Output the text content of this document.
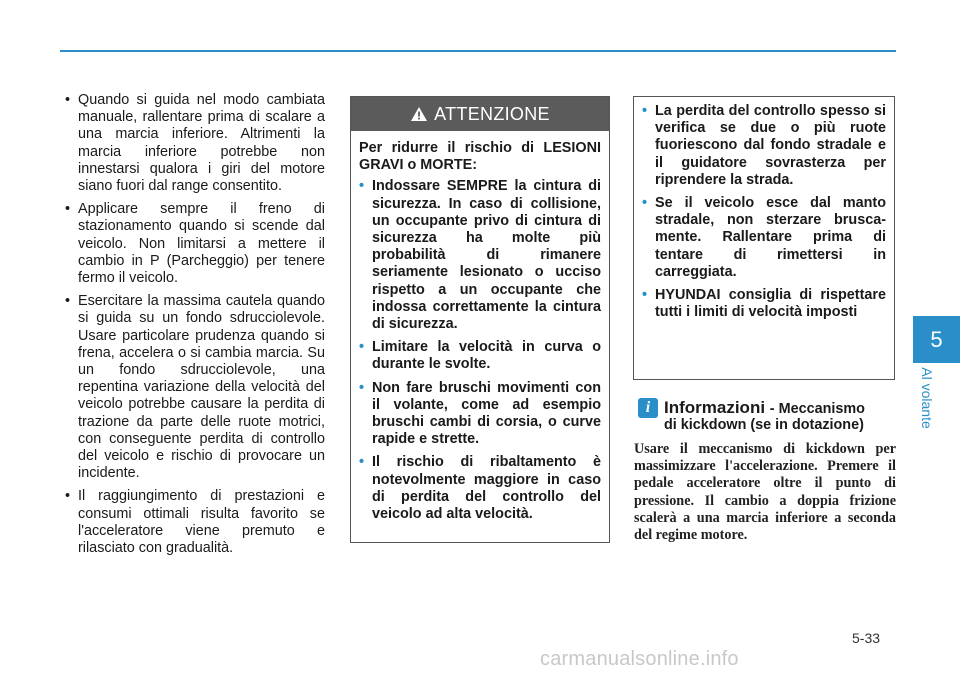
• Quando si guida nel modo cambiata manuale, rallentare prima di scalare a una marcia inferiore. Altrimenti la marcia inferiore potrebbe non innestarsi qualora i giri del motore siano fuori dal range consentito.
• Applicare sempre il freno di stazionamento quando si scende dal veicolo. Non limitarsi a mettere il cambio in P (Parcheggio) per tenere fermo il veicolo.
• Esercitare la massima cautela quando si guida su un fondo sdrucciolevole. Usare particolare prudenza quando si frena, accelera o si cambia marcia. Su un fondo sdrucciolevole, una repentina variazione della velocità del veicolo potrebbe causare la perdita di trazione da parte delle ruote motrici, con conseguente perdita di controllo del veicolo e rischio di provocare un incidente.
• Il raggiungimento di prestazioni e consumi ottimali risulta favorito se l'acceleratore viene premuto e rilasciato con gradualità.
ATTENZIONE
Per ridurre il rischio di LESIONI GRAVI o MORTE:
• Indossare SEMPRE la cintura di sicurezza. In caso di collisione, un occupante privo di cintura di sicurezza ha molte più probabilità di rimanere seriamente lesionato o ucciso rispetto a un occupante che indossa correttamente la cintura di sicurezza.
• Limitare la velocità in curva o durante le svolte.
• Non fare bruschi movimenti con il volante, come ad esempio bruschi cambi di corsia, o curve rapide e strette.
• Il rischio di ribaltamento è notevolmente maggiore in caso di perdita del controllo del veicolo ad alta velocità.
• La perdita del controllo spesso si verifica se due o più ruote fuoriescono dal fondo stradale e il guidatore sovrasterza per riprendere la strada.
• Se il veicolo esce dal manto stradale, non sterzare brusca-mente. Rallentare prima di tentare di rimettersi in carreggiata.
• HYUNDAI consiglia di rispettare tutti i limiti di velocità imposti
i Informazioni - Meccanismo
di kickdown (se in dotazione)
Usare il meccanismo di kickdown per massimizzare l'accelerazione. Premere il pedale acceleratore oltre il punto di pressione. Il cambio a doppia frizione scalerà a una marcia inferiore a seconda del regime motore.
5
Al volante
5-33
carmanualsonline.info
